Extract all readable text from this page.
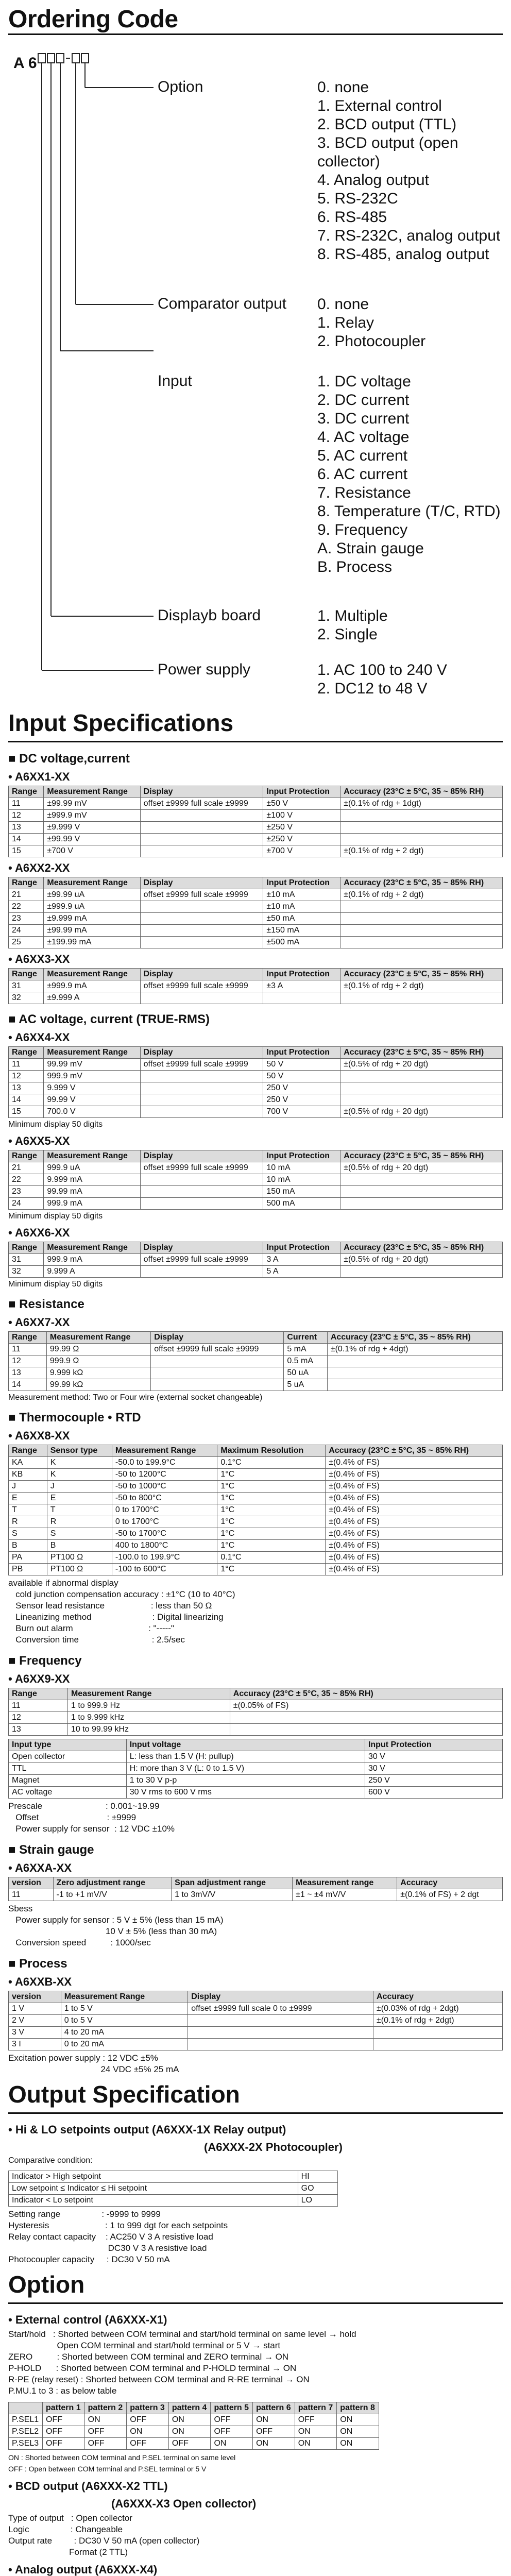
Ordering Code
A 6
Option	0. none
1. External control
2. BCD output (TTL)
3. BCD output (open collector)
4. Analog output
5. RS-232C
6. RS-485
7. RS-232C, analog output
8. RS-485, analog output
Comparator output 0. none
1. Relay
2. Photocoupler
Input	1. DC voltage
2. DC current
3. DC current
4. AC voltage
5. AC current
6. AC current
7. Resistance
8. Temperature (T/C, RTD)
9. Frequency
A. Strain gauge
B. Process
Displayb board	1. Multiple
2. Single
Power supply	1. AC 100 to 240 V
2. DC12 to 48 V
Input Specifications
■ DC voltage,current
• A6XX1-XX
Range	Measurement Range	Display	Input Protection	Accuracy (23°C ± 5°C, 35 ~ 85% RH)
11	±99.99 mV	offset ±9999 full scale ±9999	±50 V	±(0.1% of rdg + 1dgt)
12	±999.9 mV		±100 V	
13	±9.999 V		±250 V	
14	±99.99 V		±250 V	
15	±700 V		±700 V	±(0.1% of rdg + 2 dgt)
• A6XX2-XX
Range	Measurement Range	Display	Input Protection	Accuracy (23°C ± 5°C, 35 ~ 85% RH)
21	±99.99 uA	offset ±9999 full scale ±9999	±10 mA	±(0.1% of rdg + 2 dgt)
22	±999.9 uA		±10 mA	
23	±9.999 mA		±50 mA	
24	±99.99 mA		±150 mA	
25	±199.99 mA		±500 mA	
• A6XX3-XX
Range	Measurement Range	Display	Input Protection	Accuracy (23°C ± 5°C, 35 ~ 85% RH)
31	±999.9 mA	offset ±9999 full scale ±9999	±3 A	±(0.1% of rdg + 2 dgt)
32	±9.999 A			
■ AC voltage, current (TRUE-RMS)
• A6XX4-XX
Range	Measurement Range	Display	Input Protection	Accuracy (23°C ± 5°C, 35 ~ 85% RH)
11	99.99 mV	offset ±9999 full scale ±9999	50 V	±(0.5% of rdg + 20 dgt)
12	999.9 mV		50 V	
13	9.999 V		250 V	
14	99.99 V		250 V	
15	700.0 V		700 V	±(0.5% of rdg + 20 dgt)
Minimum display 50 digits
• A6XX5-XX
Range	Measurement Range	Display	Input Protection	Accuracy (23°C ± 5°C, 35 ~ 85% RH)
21	999.9 uA	offset ±9999 full scale ±9999	10 mA	±(0.5% of rdg + 20 dgt)
22	9.999 mA		10 mA	
23	99.99 mA		150 mA	
24	999.9 mA		500 mA	
Minimum display 50 digits
• A6XX6-XX
Range	Measurement Range	Display	Input Protection	Accuracy (23°C ± 5°C, 35 ~ 85% RH)
31	999.9 mA	offset ±9999 full scale ±9999	3 A	±(0.5% of rdg + 20 dgt)
32	9.999 A		5 A	
Minimum display 50 digits
■ Resistance
• A6XX7-XX
Range	Measurement Range	Display	Current	Accuracy (23°C ± 5°C, 35 ~ 85% RH)
11	99.99 Ω	offset ±9999 full scale ±9999	5 mA	±(0.1% of rdg + 4dgt)
12	999.9 Ω		0.5 mA	
13	9.999 kΩ		50 uA	
14	99.99 kΩ		5 uA	
Measurement method: Two or Four wire (external socket changeable)
■ Thermocouple • RTD
• A6XX8-XX
Range	Sensor type	Measurement Range	Maximum Resolution	Accuracy (23°C ± 5°C, 35 ~ 85% RH)
KA	K	-50.0 to 199.9°C	0.1°C	±(0.4% of FS)
KB	K	-50 to 1200°C	1°C	±(0.4% of FS)
J	J	-50 to 1000°C	1°C	±(0.4% of FS)
E	E	-50 to 800°C	1°C	±(0.4% of FS)
T	T	0 to 1700°C	1°C	±(0.4% of FS)
R	R	0 to 1700°C	1°C	±(0.4% of FS)
S	S	-50 to 1700°C	1°C	±(0.4% of FS)
B	B	400 to 1800°C	1°C	±(0.4% of FS)
PA	PT100 Ω	-100.0 to 199.9°C	0.1°C	±(0.4% of FS)
PB	PT100 Ω	-100 to 600°C	1°C	±(0.4% of FS)
available if abnormal display
cold junction compensation accuracy : ±1°C (10 to 40°C)
Sensor lead resistance                   : less than 50 Ω
Lineanizing method                         : Digital linearizing
Burn out alarm                               : "-----"
Conversion time                              : 2.5/sec
■ Frequency
• A6XX9-XX
Range	Measurement Range	Accuracy (23°C ± 5°C, 35 ~ 85% RH)
11	1 to 999.9 Hz	±(0.05% of FS)
12	1 to 9.999 kHz	
13	10 to 99.99 kHz	
Input type	Input voltage	Input Protection
Open collector	L: less than 1.5 V (H: pullup)	30 V
TTL	H: more than 3 V (L: 0 to 1.5 V)	30 V
Magnet	1 to 30 V p-p	250 V
AC voltage	30 V rms to 600 V rms	600 V
Prescale                          : 0.001~19.99
Offset                            : ±9999
Power supply for sensor  : 12 VDC ±10%
■ Strain gauge
• A6XXA-XX
version	Zero adjustment range	Span adjustment range	Measurement range	Accuracy
11	-1 to +1 mV/V	1 to 3mV/V	±1 ~ ±4 mV/V	±(0.1% of FS) + 2 dgt
Sbess
Power supply for sensor : 5 V ± 5% (less than 15 mA)
10 V ± 5% (less than 30 mA)
Conversion speed          : 1000/sec
■ Process
• A6XXB-XX
version	Measurement Range	Display	Accuracy
1 V	1 to 5 V	offset ±9999 full scale 0 to ±9999	±(0.03% of rdg + 2dgt)
2 V	0 to 5 V		±(0.1% of rdg + 2dgt)
3 V	4 to 20 mA		
3 I	0 to 20 mA		
Excitation power supply : 12 VDC ±5%
24 VDC ±5% 25 mA
Output Specification
• Hi & LO setpoints output (A6XXX-1X Relay output)
(A6XXX-2X Photocoupler)
Comparative condition:
Indicator > High setpoint	HI
Low setpoint ≤ Indicator ≤ Hi setpoint	GO
Indicator < Lo setpoint	LO
Setting range                 : -9999 to 9999
Hysteresis                       : 1 to 999 dgt for each setpoints
Relay contact capacity    : AC250 V 3 A resistive load
DC30 V 3 A resistive load
Photocoupler capacity     : DC30 V 50 mA
Option
• External control (A6XXX-X1)
Start/hold   : Shorted between COM terminal and start/hold terminal on same level → hold
Open COM terminal and start/hold terminal or 5 V → start
ZERO          : Shorted between COM terminal and ZERO terminal → ON
P-HOLD      : Shorted between COM terminal and P-HOLD terminal → ON
R-PE (relay reset) : Shorted between COM terminal and R-RE terminal → ON
P.MU.1 to 3 : as below table
	pattern 1	pattern 2	pattern 3	pattern 4	pattern 5	pattern 6	pattern 7	pattern 8
P.SEL1	OFF	ON	OFF	ON	OFF	ON	OFF	ON
P.SEL2	OFF	OFF	ON	ON	OFF	OFF	ON	ON
P.SEL3	OFF	OFF	OFF	OFF	ON	ON	ON	ON
ON : Shorted between COM terminal and P.SEL terminal on same level
OFF : Open between COM terminal and P.SEL terminal or 5 V
• BCD output (A6XXX-X2 TTL)
(A6XXX-X3 Open collector)
Type of output   : Open collector
Logic                 : Changeable
Output rate         : DC30 V 50 mA (open collector)
Format (2 TTL)
• Analog output (A6XXX-X4)
